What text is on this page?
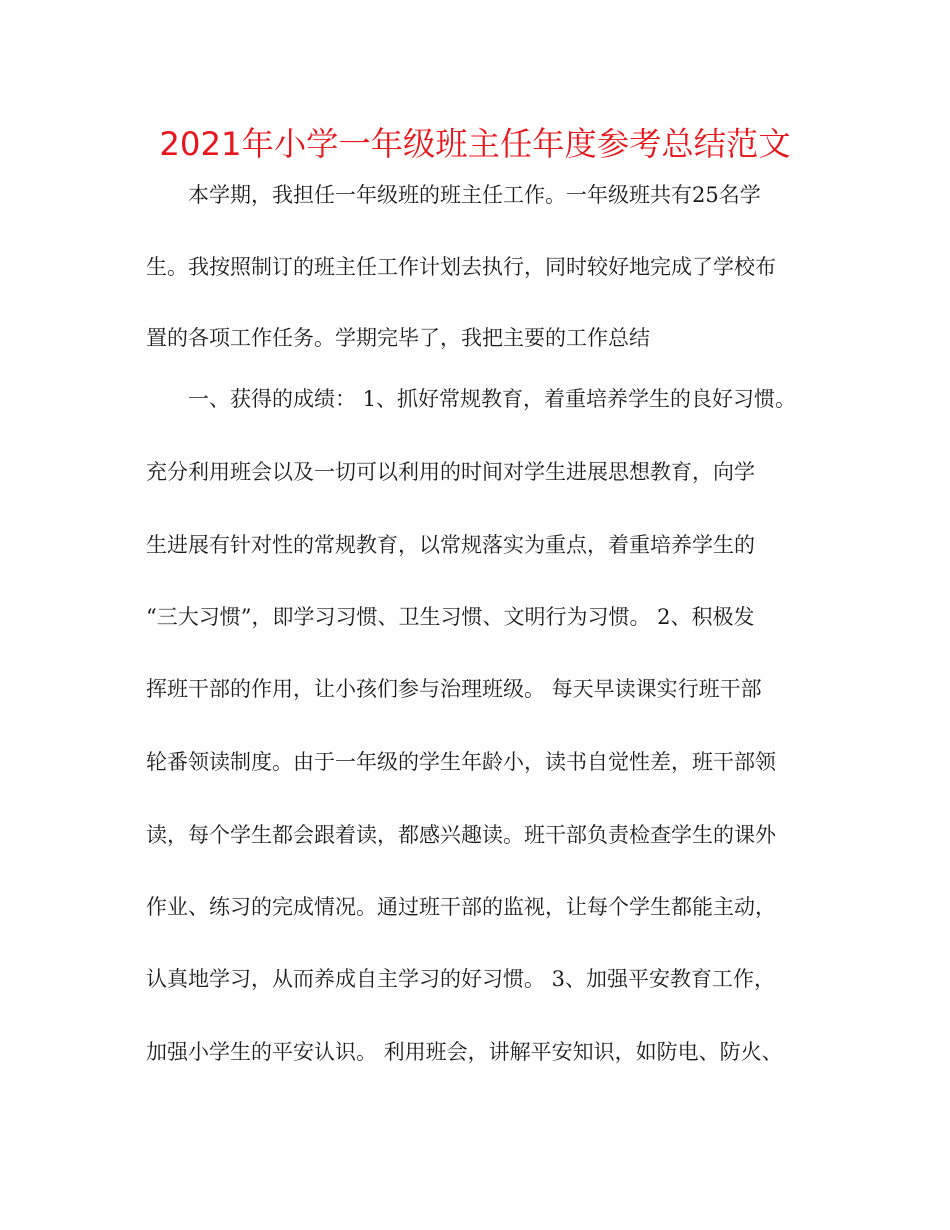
2021年小学一年级班主任年度参考总结范文
　　本学期，我担任一年级班的班主任工作。一年级班共有25名学
生。我按照制订的班主任工作计划去执行，同时较好地完成了学校布
置的各项工作任务。学期完毕了，我把主要的工作总结
　　一、获得的成绩： 1、抓好常规教育，着重培养学生的良好习惯。
充分利用班会以及一切可以利用的时间对学生进展思想教育，向学
生进展有针对性的常规教育，以常规落实为重点，着重培养学生的
“三大习惯”，即学习习惯、卫生习惯、文明行为习惯。 2、积极发
挥班干部的作用，让小孩们参与治理班级。 每天早读课实行班干部
轮番领读制度。由于一年级的学生年龄小，读书自觉性差，班干部领
读，每个学生都会跟着读，都感兴趣读。班干部负责检查学生的课外
作业、练习的完成情况。通过班干部的监视，让每个学生都能主动，
认真地学习，从而养成自主学习的好习惯。 3、加强平安教育工作，
加强小学生的平安认识。 利用班会，讲解平安知识，如防电、防火、
